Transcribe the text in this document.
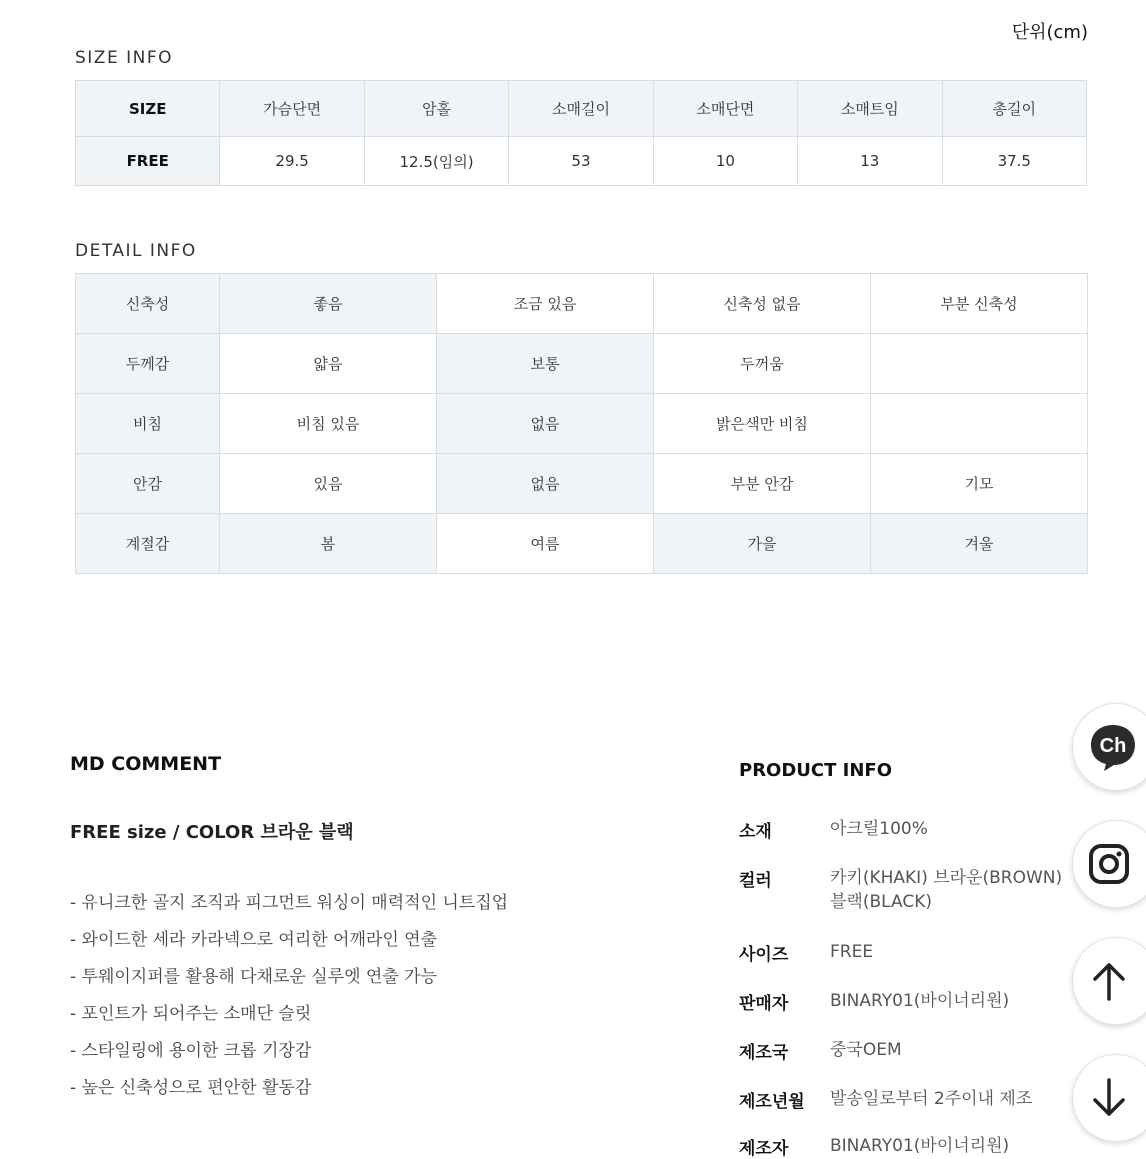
단위(cm)
SIZE INFO
SIZE	가슴단면	암홀	소매길이	소매단면	소매트임	총길이
FREE	29.5	12.5(임의)	53	10	13	37.5
DETAIL INFO
신축성	좋음	조금 있음	신축성 없음	부분 신축성
두께감	얇음	보통	두꺼움	
비침	비침 있음	없음	밝은색만 비침	
안감	있음	없음	부분 안감	기모
계절감	봄	여름	가을	겨울
MD COMMENT
FREE size / COLOR 브라운 블랙
- 유니크한 골지 조직과 피그먼트 워싱이 매력적인 니트집업
- 와이드한 세라 카라넥으로 여리한 어깨라인 연출
- 투웨이지퍼를 활용해 다채로운 실루엣 연출 가능
- 포인트가 되어주는 소매단 슬릿
- 스타일링에 용이한 크롭 기장감
- 높은 신축성으로 편안한 활동감
PRODUCT INFO
소재	아크릴100%
컬러	카키(KHAKI) 브라운(BROWN) 블랙(BLACK)
사이즈	FREE
판매자	BINARY01(바이너리원)
제조국	중국OEM
제조년월	발송일로부터 2주이내 제조
제조자	BINARY01(바이너리원)
Ch
